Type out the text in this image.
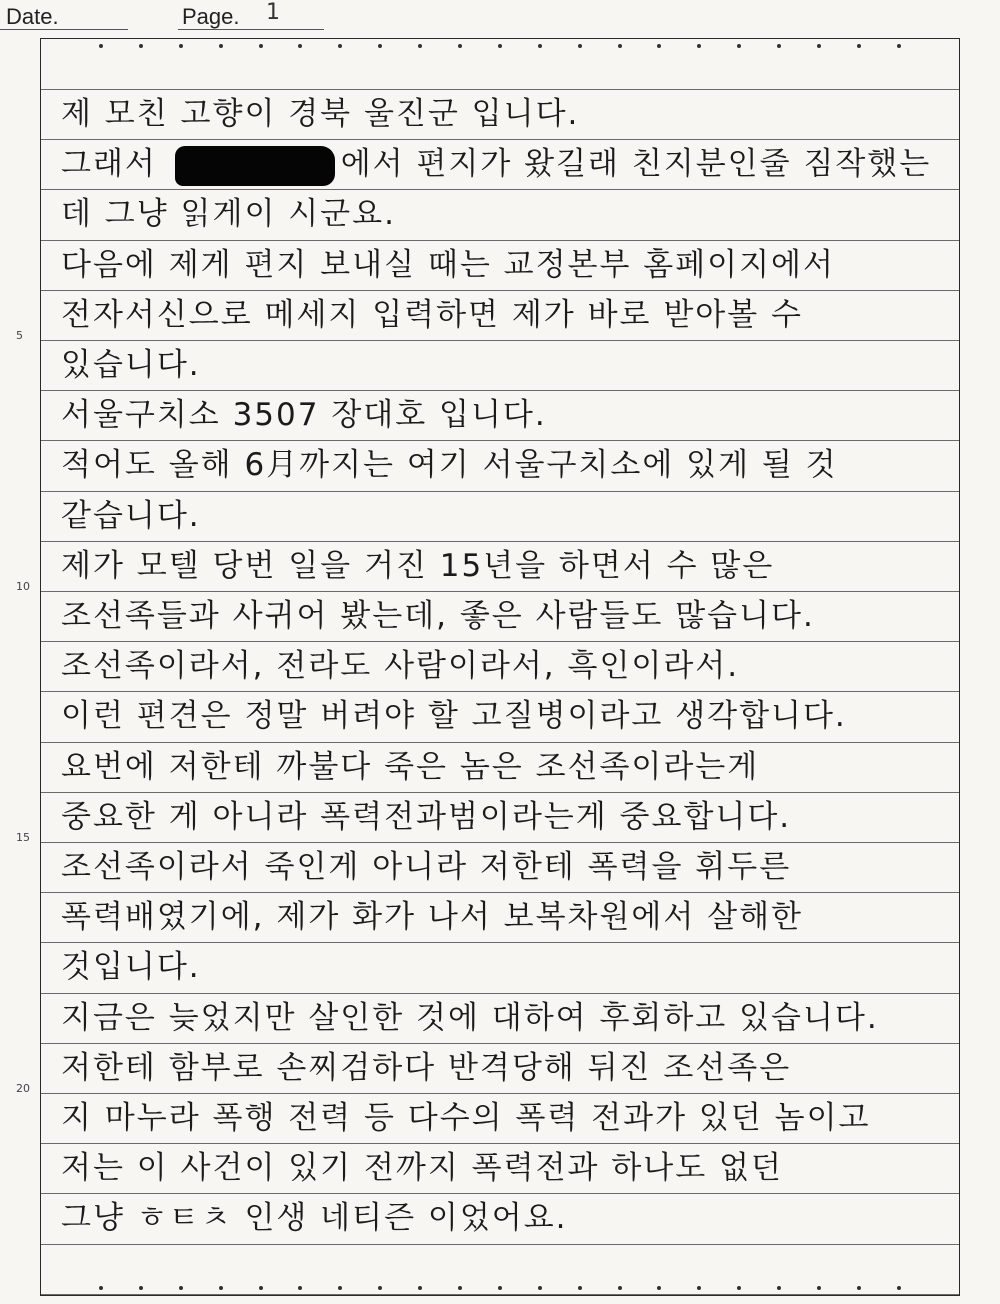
Date.	Page. 1
제 모친 고향이 경북 울진군 입니다.
그래서	에서 편지가 왔길래 친지분인줄 짐작했는
데 그냥 읽게이 시군요.
다음에 제게 편지 보내실 때는 교정본부 홈페이지에서
전자서신으로 메세지 입력하면 제가 바로 받아볼 수
있습니다.
서울구치소 3507 장대호 입니다.
적어도 올해 6月까지는 여기 서울구치소에 있게 될 것
같습니다.
제가 모텔 당번 일을 거진 15년을 하면서 수 많은
조선족들과 사귀어 봤는데, 좋은 사람들도 많습니다.
조선족이라서, 전라도 사람이라서, 흑인이라서.
이런 편견은 정말 버려야 할 고질병이라고 생각합니다.
요번에 저한테 까불다 죽은 놈은 조선족이라는게
중요한 게 아니라 폭력전과범이라는게 중요합니다.
조선족이라서 죽인게 아니라 저한테 폭력을 휘두른
폭력배였기에, 제가 화가 나서 보복차원에서 살해한
것입니다.
지금은 늦었지만 살인한 것에 대하여 후회하고 있습니다.
저한테 함부로 손찌검하다 반격당해 뒤진 조선족은
지 마누라 폭행 전력 등 다수의 폭력 전과가 있던 놈이고
저는 이 사건이 있기 전까지 폭력전과 하나도 없던
그냥 ㅎㅌㅊ 인생 네티즌 이었어요.
5
10
15
20
